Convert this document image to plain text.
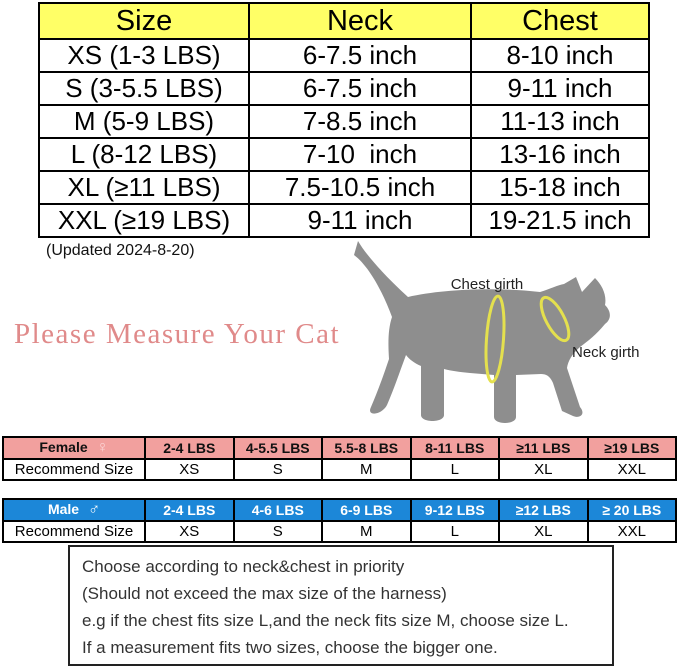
Size	Neck	Chest
XS (1-3 LBS)	6-7.5 inch	8-10 inch
S (3-5.5 LBS)	6-7.5 inch	9-11 inch
M (5-9 LBS)	7-8.5 inch	11-13 inch
L (8-12 LBS)	7-10  inch	13-16 inch
XL (≥11 LBS)	7.5-10.5 inch	15-18 inch
XXL (≥19 LBS)	9-11 inch	19-21.5 inch
(Updated 2024-8-20)
Please Measure Your Cat
Chest girth
Neck girth
Female ♀	2-4 LBS	4-5.5 LBS	5.5-8 LBS	8-11 LBS	≥11 LBS	≥19 LBS
Recommend Size	XS	S	M	L	XL	XXL
Male ♂	2-4 LBS	4-6 LBS	6-9 LBS	9-12 LBS	≥12 LBS	≥ 20 LBS
Recommend Size	XS	S	M	L	XL	XXL
Choose according to neck&chest in priority
(Should not exceed the max size of the harness)
e.g if the chest fits size L,and the neck fits size M, choose size L.
If a measurement fits two sizes, choose the bigger one.
